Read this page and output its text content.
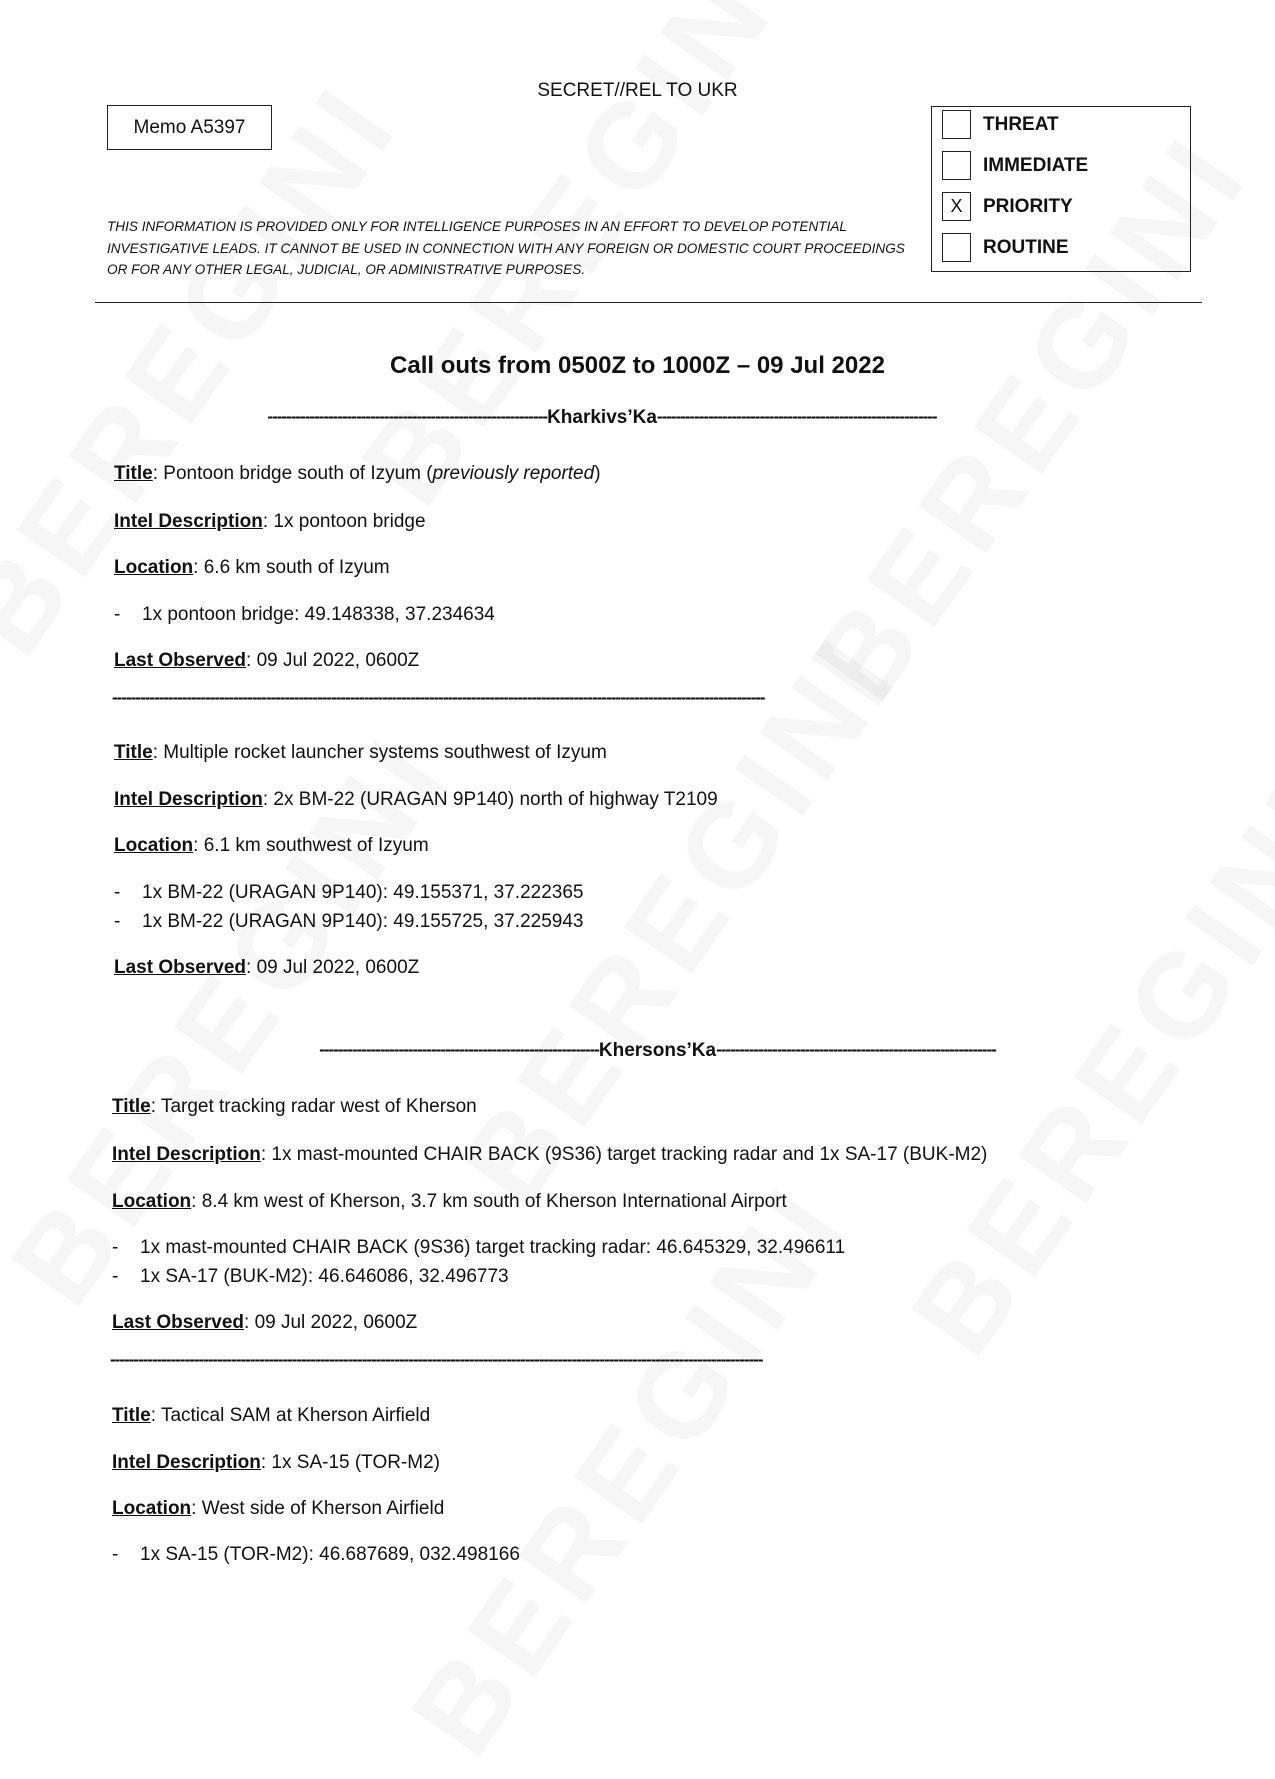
SECRET//REL TO UKR
Memo A5397	THREAT
IMMEDIATE
X	PRIORITY
ROUTINE
THIS INFORMATION IS PROVIDED ONLY FOR INTELLIGENCE PURPOSES IN AN EFFORT TO DEVELOP POTENTIAL
INVESTIGATIVE LEADS. IT CANNOT BE USED IN CONNECTION WITH ANY FOREIGN OR DOMESTIC COURT PROCEEDINGS
OR FOR ANY OTHER LEGAL, JUDICIAL, OR ADMINISTRATIVE PURPOSES.
Call outs from 0500Z to 1000Z – 09 Jul 2022
------------------------------------------------------------ Kharkivs’Ka ------------------------------------------------------------
Title: Pontoon bridge south of Izyum (previously reported)
Intel Description: 1x pontoon bridge
Location: 6.6 km south of Izyum
- 1x pontoon bridge: 49.148338, 37.234634
Last Observed: 09 Jul 2022, 0600Z
--------------------------------------------------------------------------------------------------------------------------------------------
Title: Multiple rocket launcher systems southwest of Izyum
Intel Description: 2x BM-22 (URAGAN 9P140) north of highway T2109
Location: 6.1 km southwest of Izyum
- 1x BM-22 (URAGAN 9P140): 49.155371, 37.222365
- 1x BM-22 (URAGAN 9P140): 49.155725, 37.225943
Last Observed: 09 Jul 2022, 0600Z
------------------------------------------------------------ Khersons’Ka ------------------------------------------------------------
Title: Target tracking radar west of Kherson
Intel Description: 1x mast-mounted CHAIR BACK (9S36) target tracking radar and 1x SA-17 (BUK-M2)
Location: 8.4 km west of Kherson, 3.7 km south of Kherson International Airport
- 1x mast-mounted CHAIR BACK (9S36) target tracking radar: 46.645329, 32.496611
- 1x SA-17 (BUK-M2): 46.646086, 32.496773
Last Observed: 09 Jul 2022, 0600Z
--------------------------------------------------------------------------------------------------------------------------------------------
Title: Tactical SAM at Kherson Airfield
Intel Description: 1x SA-15 (TOR-M2)
Location: West side of Kherson Airfield
- 1x SA-15 (TOR-M2): 46.687689, 032.498166
